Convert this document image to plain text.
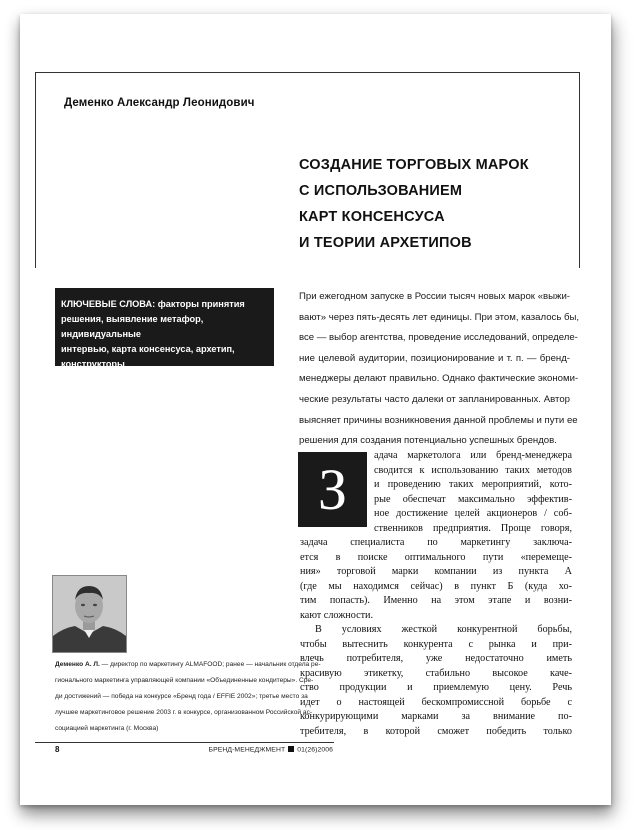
Деменко Александр Леонидович
СОЗДАНИЕ ТОРГОВЫХ МАРОК
С ИСПОЛЬЗОВАНИЕМ
КАРТ КОНСЕНСУСА
И ТЕОРИИ АРХЕТИПОВ
КЛЮЧЕВЫЕ СЛОВА: факторы принятия
решения, выявление метафор, индивидуальные
интервью, карта консенсуса, архетип,
конструкторы
При ежегодном запуске в России тысяч новых марок «выжи-
вают» через пять-десять лет единицы. При этом, казалось бы,
все — выбор агентства, проведение исследований, определе-
ние целевой аудитории, позиционирование и т. п. — бренд-
менеджеры делают правильно. Однако фактические экономи-
ческие результаты часто далеки от запланированных. Автор
выясняет причины возникновения данной проблемы и пути ее
решения для создания потенциально успешных брендов.
З
адача маркетолога или бренд-менеджера
сводится к использованию таких методов
и проведению таких мероприятий, кото-
рые обеспечат максимально эффектив-
ное достижение целей акционеров / соб-
ственников предприятия. Проще говоря,
задача специалиста по маркетингу заключа-
ется в поиске оптимального пути «перемеще-
ния» торговой марки компании из пункта А
(где мы находимся сейчас) в пункт Б (куда хо-
тим попасть). Именно на этом этапе и возни-
кают сложности.
В условиях жесткой конкурентной борьбы,
чтобы вытеснить конкурента с рынка и при-
влечь потребителя, уже недостаточно иметь
красивую этикетку, стабильно высокое каче-
ство продукции и приемлемую цену. Речь
идет о настоящей бескомпромиссной борьбе с
конкурирующими марками за внимание по-
требителя, в которой сможет победить только
Деменко А. Л. — директор по маркетингу ALMAFOOD; ранее — начальник отдела ре-
гионального маркетинга управляющей компании «Объединенные кондитеры». Сре-
ди достижений — победа на конкурсе «Бренд года / EFFIE 2002»; третье место за
лучшее маркетинговое решение 2003 г. в конкурсе, организованном Российской ас-
социацией маркетинга (г. Москва)
8	БРЕНД-МЕНЕДЖМЕНТ 01(26)2006
